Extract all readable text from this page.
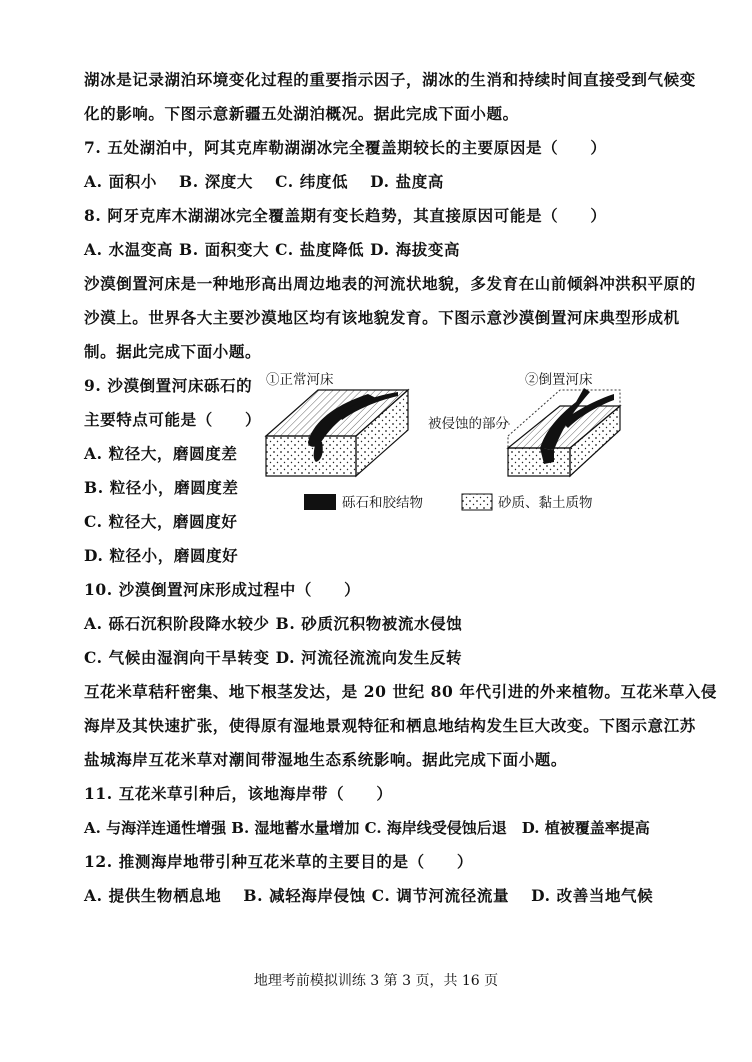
湖冰是记录湖泊环境变化过程的重要指示因子，湖冰的生消和持续时间直接受到气候变
化的影响。下图示意新疆五处湖泊概况。据此完成下面小题。
7. 五处湖泊中，阿其克库勒湖湖冰完全覆盖期较长的主要原因是（　　）
A. 面积小　 B. 深度大　 C. 纬度低　 D. 盐度高
8. 阿牙克库木湖湖冰完全覆盖期有变长趋势，其直接原因可能是（　　）
A. 水温变高 B. 面积变大 C. 盐度降低 D. 海拔变高
沙漠倒置河床是一种地形高出周边地表的河流状地貌，多发育在山前倾斜冲洪积平原的
沙漠上。世界各大主要沙漠地区均有该地貌发育。下图示意沙漠倒置河床典型形成机
制。据此完成下面小题。
9. 沙漠倒置河床砾石的
主要特点可能是（　　）
A. 粒径大，磨圆度差
B. 粒径小，磨圆度差
C. 粒径大，磨圆度好
D. 粒径小，磨圆度好
10. 沙漠倒置河床形成过程中（　　）
A. 砾石沉积阶段降水较少 B. 砂质沉积物被流水侵蚀
C. 气候由湿润向干旱转变 D. 河流径流流向发生反转
互花米草秸秆密集、地下根茎发达，是 20 世纪 80 年代引进的外来植物。互花米草入侵
海岸及其快速扩张，使得原有湿地景观特征和栖息地结构发生巨大改变。下图示意江苏
盐城海岸互花米草对潮间带湿地生态系统影响。据此完成下面小题。
11. 互花米草引种后，该地海岸带（　　）
A. 与海洋连通性增强 B. 湿地蓄水量增加 C. 海岸线受侵蚀后退　D. 植被覆盖率提高
12. 推测海岸地带引种互花米草的主要目的是（　　）
A. 提供生物栖息地　 B. 减轻海岸侵蚀 C. 调节河流径流量　 D. 改善当地气候
①正常河床	②倒置河床
被侵蚀的部分
砾石和胶结物	砂质、黏土质物
地理考前模拟训练 3 第 3 页，共 16 页
